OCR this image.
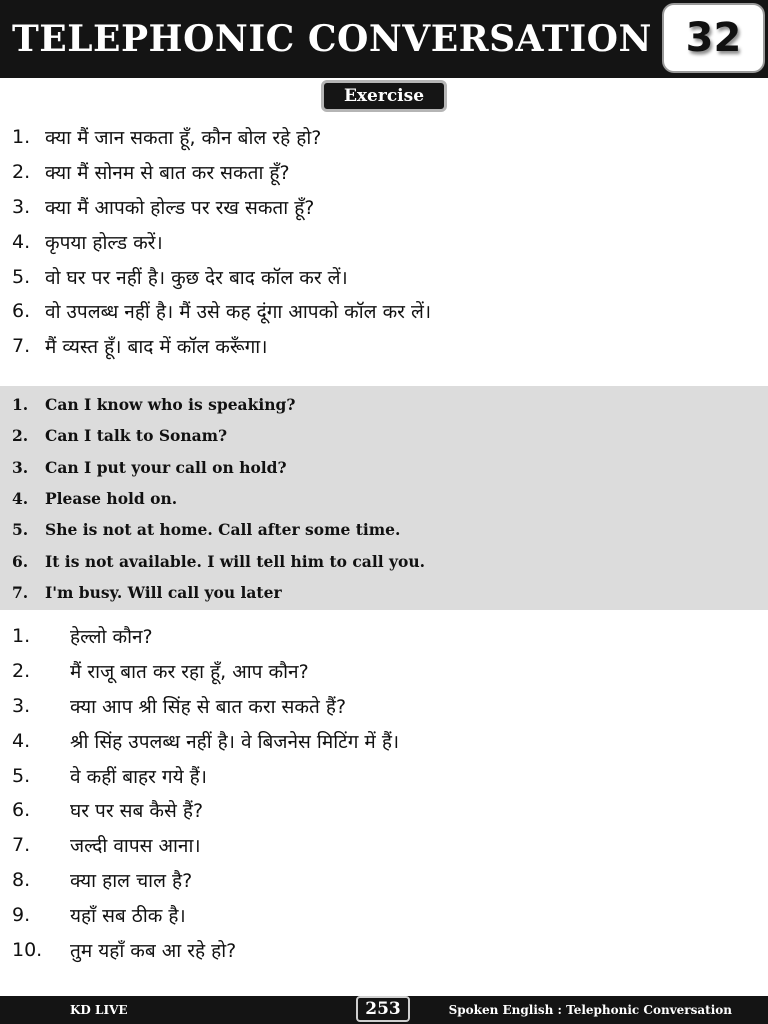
TELEPHONIC CONVERSATION 32
Exercise
1. क्या मैं जान सकता हूँ, कौन बोल रहे हो?
2. क्या मैं सोनम से बात कर सकता हूँ?
3. क्या मैं आपको होल्ड पर रख सकता हूँ?
4. कृपया होल्ड करें।
5. वो घर पर नहीं है। कुछ देर बाद कॉल कर लें।
6. वो उपलब्ध नहीं है। मैं उसे कह दूंगा आपको कॉल कर लें।
7. मैं व्यस्त हूँ। बाद में कॉल करूँगा।
1.	Can I know who is speaking?
2.	Can I talk to Sonam?
3.	Can I put your call on hold?
4.	Please hold on.
5.	She is not at home. Call after some time.
6.	It is not available. I will tell him to call you.
7.	I'm busy. Will call you later
1.	हेल्लो कौन?
2.	मैं राजू बात कर रहा हूँ, आप कौन?
3.	क्या आप श्री सिंह से बात करा सकते हैं?
4.	श्री सिंह उपलब्ध नहीं है। वे बिजनेस मिटिंग में हैं।
5.	वे कहीं बाहर गये हैं।
6.	घर पर सब कैसे हैं?
7.	जल्दी वापस आना।
8.	क्या हाल चाल है?
9.	यहाँ सब ठीक है।
10.	तुम यहाँ कब आ रहे हो?
KD LIVE	253	Spoken English : Telephonic Conversation
